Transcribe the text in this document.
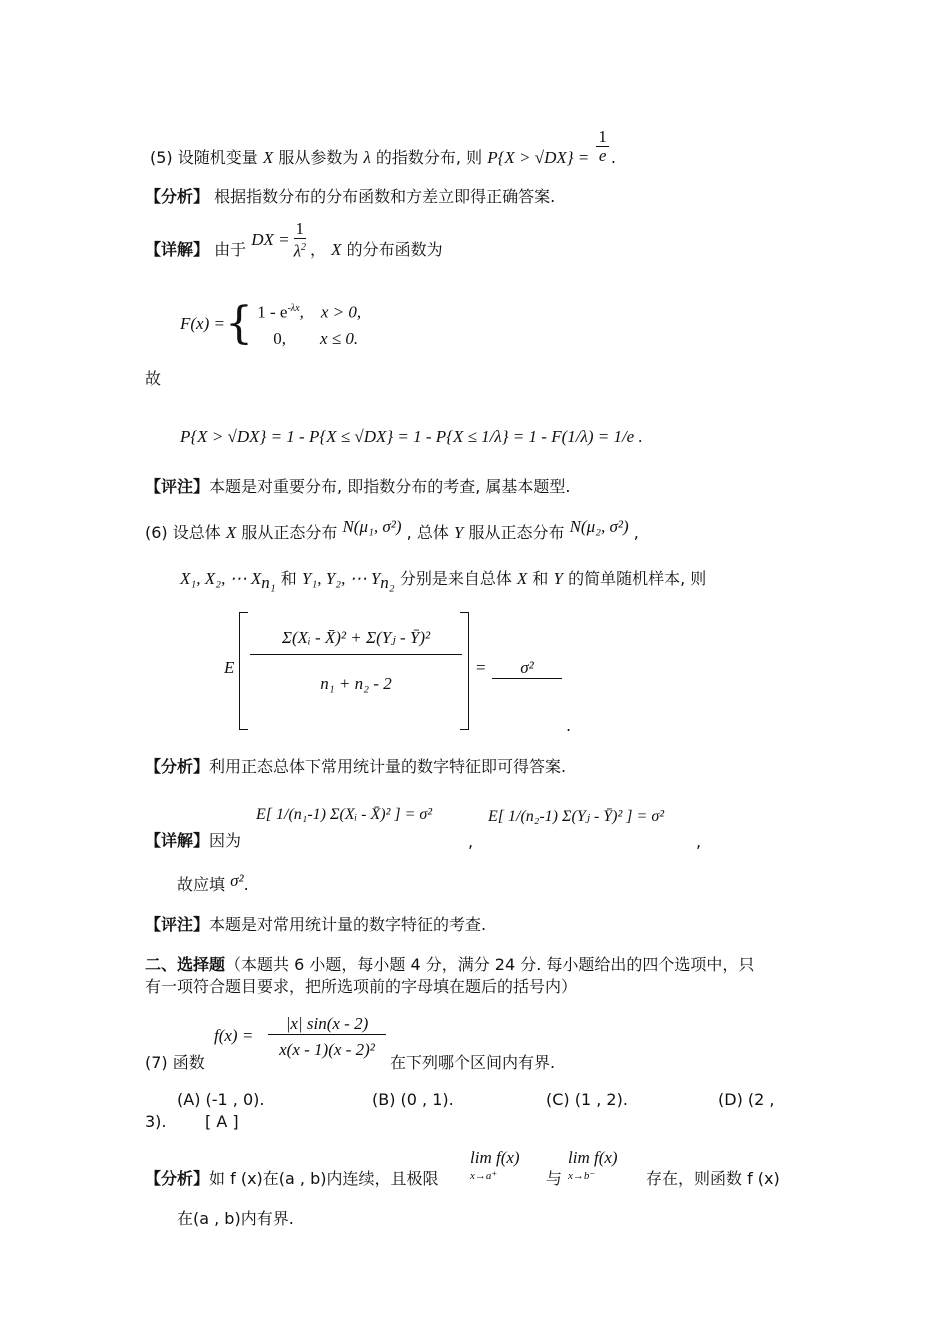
(5) 设随机变量 X 服从参数为 λ 的指数分布, 则 $P\{X > √DX\} = \frac{1}{e}$ .
【分析】 根据指数分布的分布函数和方差立即得正确答案.
【详解】 由于 DX = $\frac{1}{\lambda^2}$ ， X 的分布函数为
F(x) ={ $1 - e^{-\lambda x}$,    x > 0,
0, x ≤ 0.
故
P{X > √DX} = 1 - P{X ≤ √DX} = 1 - P{X ≤ 1/λ} = 1 - F(1/λ) = 1/e .
【评注】本题是对重要分布, 即指数分布的考查, 属基本题型.
(6) 设总体 X 服从正态分布 N(μ₁, σ²) , 总体 Y 服从正态分布 N(μ₂, σ²) ,
X₁, X₂, ⋯ $X_{n_1}$ 和 Y₁, Y₂, ⋯ $Y_{n_2}$ 分别是来自总体 X 和 Y 的简单随机样本, 则
E
Σ(Xᵢ - X̄)² + Σ(Yⱼ - Ȳ)²
n₁ + n₂ - 2
=	σ²
.
【分析】利用正态总体下常用统计量的数字特征即可得答案.
【详解】因为
E[ 1/(n₁-1) Σ(Xᵢ - X̄)² ] = σ²
,
E[ 1/(n₂-1) Σ(Yⱼ - Ȳ)² ] = σ²
,
故应填 σ².
【评注】本题是对常用统计量的数字特征的考查.
二、选择题（本题共 6 小题，每小题 4 分，满分 24 分. 每小题给出的四个选项中，只
有一项符合题目要求，把所选项前的字母填在题后的括号内）
f(x) =
|x| sin(x - 2)
x(x - 1)(x - 2)²
(7) 函数	在下列哪个区间内有界.
(A) (-1 , 0).	(B) (0 , 1).	(C) (1 , 2).	(D) (2 ,
3). [ A ]
【分析】如 f (x)在(a , b)内连续，且极限
lim f(x)
$^{x\to a^+}$	与
lim f(x)
$^{x\to b^-}$	存在，则函数 f (x)
在(a , b)内有界.
